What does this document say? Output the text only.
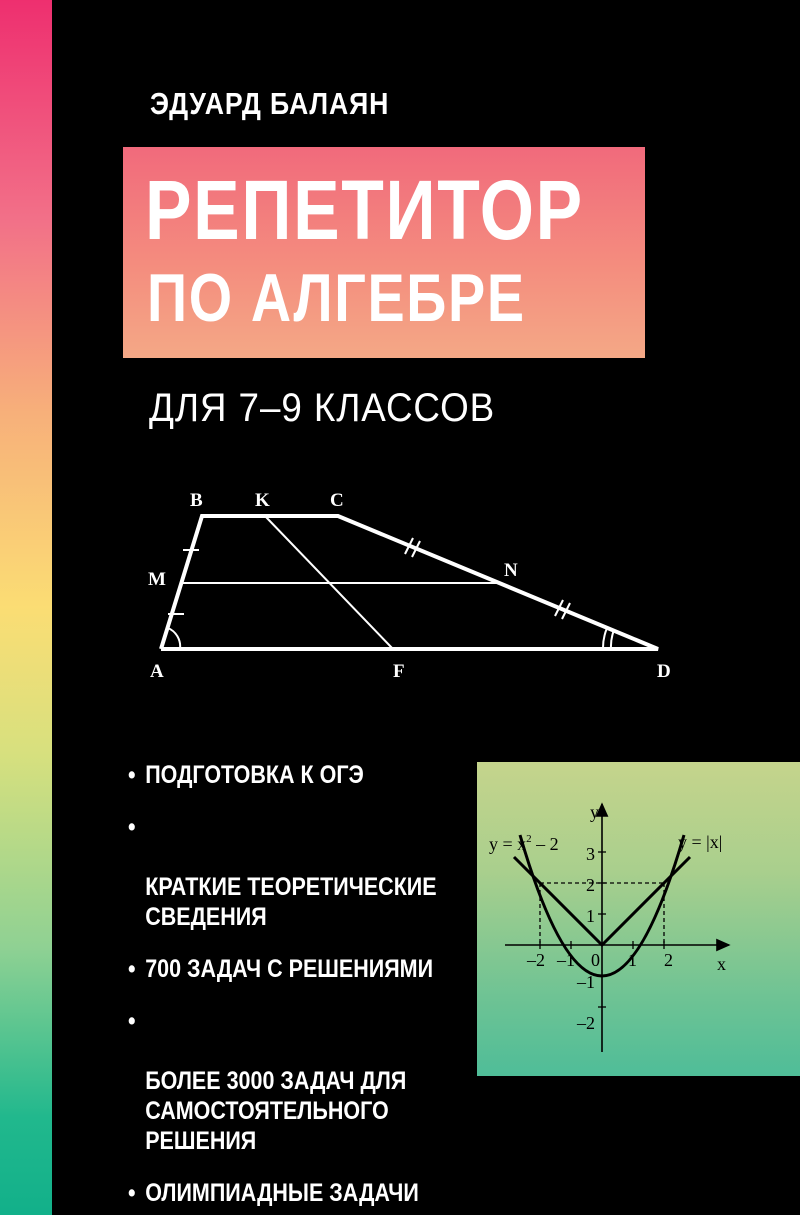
ЭДУАРД БАЛАЯН
РЕПЕТИТОР
ПО АЛГЕБРЕ
ДЛЯ 7–9 КЛАССОВ
B	K	C
M	N
A	F	D
• ПОДГОТОВКА К ОГЭ

•

КРАТКИЕ ТЕОРЕТИЧЕСКИЕ
СВЕДЕНИЯ

• 700 ЗАДАЧ С РЕШЕНИЯМИ

•

БОЛЕЕ 3000 ЗАДАЧ ДЛЯ
САМОСТОЯТЕЛЬНОГО
РЕШЕНИЯ

• ОЛИМПИАДНЫЕ ЗАДАЧИ
y
x
$y = x^2 - 2$	y = |x|
3
2
1
–1
–2
–2 –1 0 1 2
